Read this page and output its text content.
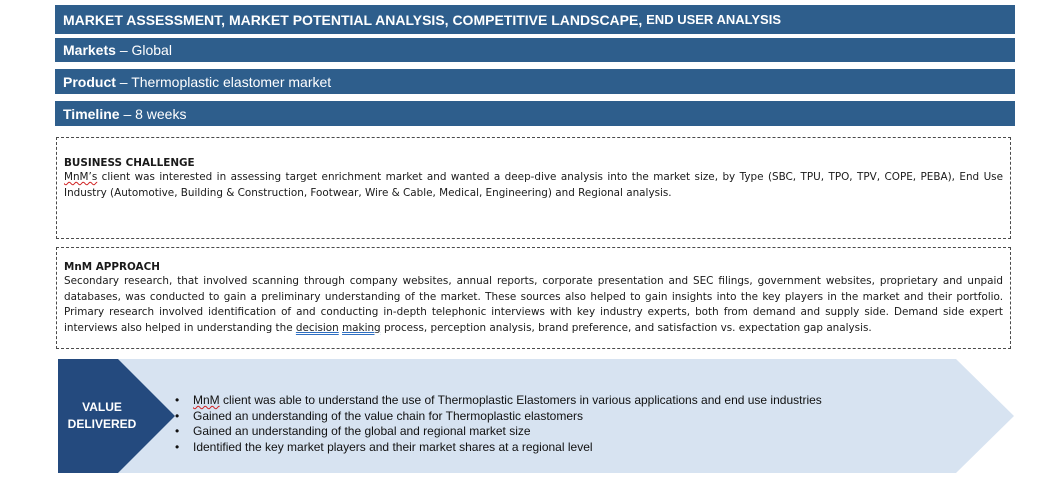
MARKET ASSESSMENT, MARKET POTENTIAL ANALYSIS, COMPETITIVE LANDSCAPE,
END USER ANALYSIS
Markets
– Global
Product
– Thermoplastic elastomer market
Timeline
– 8 weeks
BUSINESS CHALLENGE

MnM’s client was interested in assessing target enrichment market and wanted a deep-dive analysis into the market size, by Type (SBC, TPU, TPO, TPV, COPE, PEBA), End Use Industry (Automotive, Building & Construction, Footwear, Wire & Cable, Medical, Engineering) and Regional analysis.

MnM APPROACH

Secondary research, that involved scanning through company websites, annual reports, corporate presentation and SEC filings, government websites, proprietary and unpaid databases, was conducted to gain a preliminary understanding of the market. These sources also helped to gain insights into the key players in the market and their portfolio. Primary research involved identification of and conducting in-depth telephonic interviews with key industry experts, both from demand and supply side. Demand side expert interviews also helped in understanding the decision making process, perception analysis, brand preference, and satisfaction vs. expectation gap analysis.

VALUE
DELIVERED
• MnM client was able to understand the use of Thermoplastic Elastomers in various applications and end use industries
• Gained an understanding of the value chain for Thermoplastic elastomers
• Gained an understanding of the global and regional market size
• Identified the key market players and their market shares at a regional level
